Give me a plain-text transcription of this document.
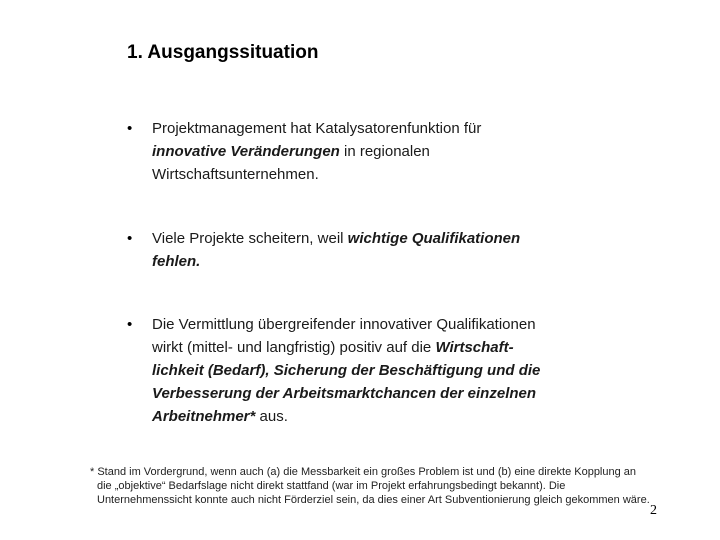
1. Ausgangssituation
• Projektmanagement hat Katalysatorenfunktion für
innovative Veränderungen in regionalen
Wirtschaftsunternehmen.
• Viele Projekte scheitern, weil wichtige Qualifikationen
fehlen.
• Die Vermittlung übergreifender innovativer Qualifikationen
wirkt (mittel- und langfristig) positiv auf die Wirtschaft-
lichkeit (Bedarf), Sicherung der Beschäftigung und die
Verbesserung der Arbeitsmarktchancen der einzelnen
Arbeitnehmer* aus.
* Stand im Vordergrund, wenn auch (a) die Messbarkeit ein großes Problem ist und (b) eine direkte Kopplung an
die „objektive“ Bedarfslage nicht direkt stattfand (war im Projekt erfahrungsbedingt bekannt). Die
Unternehmenssicht konnte auch nicht Förderziel sein, da dies einer Art Subventionierung gleich gekommen wäre.
2
